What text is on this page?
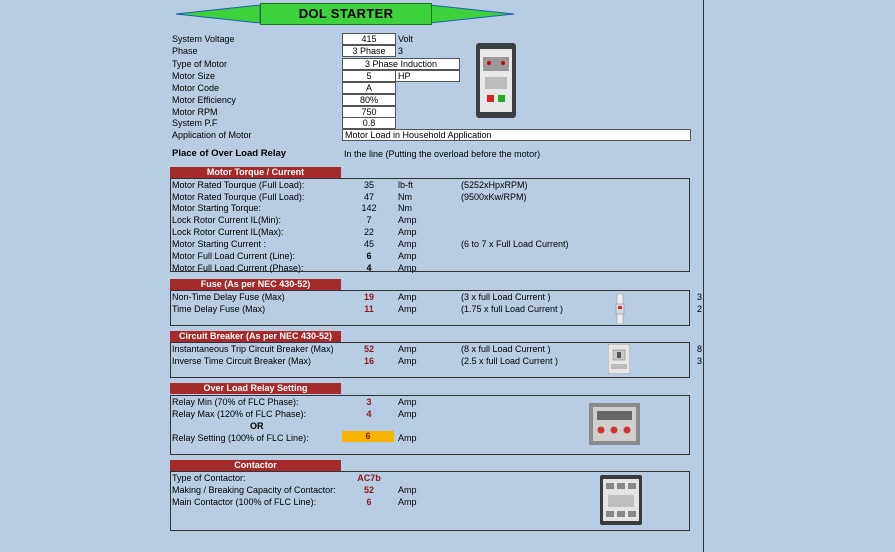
DOL STARTER
System Voltage	415	Volt
Phase	3 Phase	3
Type of Motor	3 Phase Induction
Motor Size	5	HP
Motor Code	A
Motor Efficiency	80%
Motor RPM	750
System P.F	0.8
Application of Motor	Motor Load in Household Application
Place of Over Load Relay	In the line (Putting the overload before the motor)
Motor Torque / Current
Motor Rated Tourque (Full Load):	35	lb-ft	(5252xHpxRPM)
Motor Rated Tourque (Full Load):	47	Nm	(9500xKw/RPM)
Motor Starting Torque:	142	Nm
Lock Rotor Current IL(Min):	7	Amp
Lock Rotor Current IL(Max):	22	Amp
Motor Starting Current :	45	Amp	(6 to 7 x Full Load Current)
Motor Full Load Current (Line):	6	Amp
Motor Full Load Current (Phase):	4	Amp
Fuse (As per NEC 430-52)
Non-Time Delay Fuse (Max)	19	Amp	(3 x full Load Current )	3
Time Delay Fuse (Max)	11	Amp	(1.75 x full Load Current )	2
Circuit Breaker (As per NEC 430-52)
Instantaneous Trip Circuit Breaker (Max)	52	Amp	(8 x full Load Current )	8
Inverse Time Circuit Breaker (Max)	16	Amp	(2.5 x full Load Current )	3
Over Load Relay Setting
Relay Min (70% of FLC Phase):	3	Amp
Relay Max (120% of FLC Phase):	4	Amp
OR
Relay Setting (100% of FLC Line):	6	Amp
Contactor
Type of Contactor:	AC7b
Making / Breaking Capacity of Contactor:	52	Amp
Main Contactor (100% of FLC Line):	6	Amp
